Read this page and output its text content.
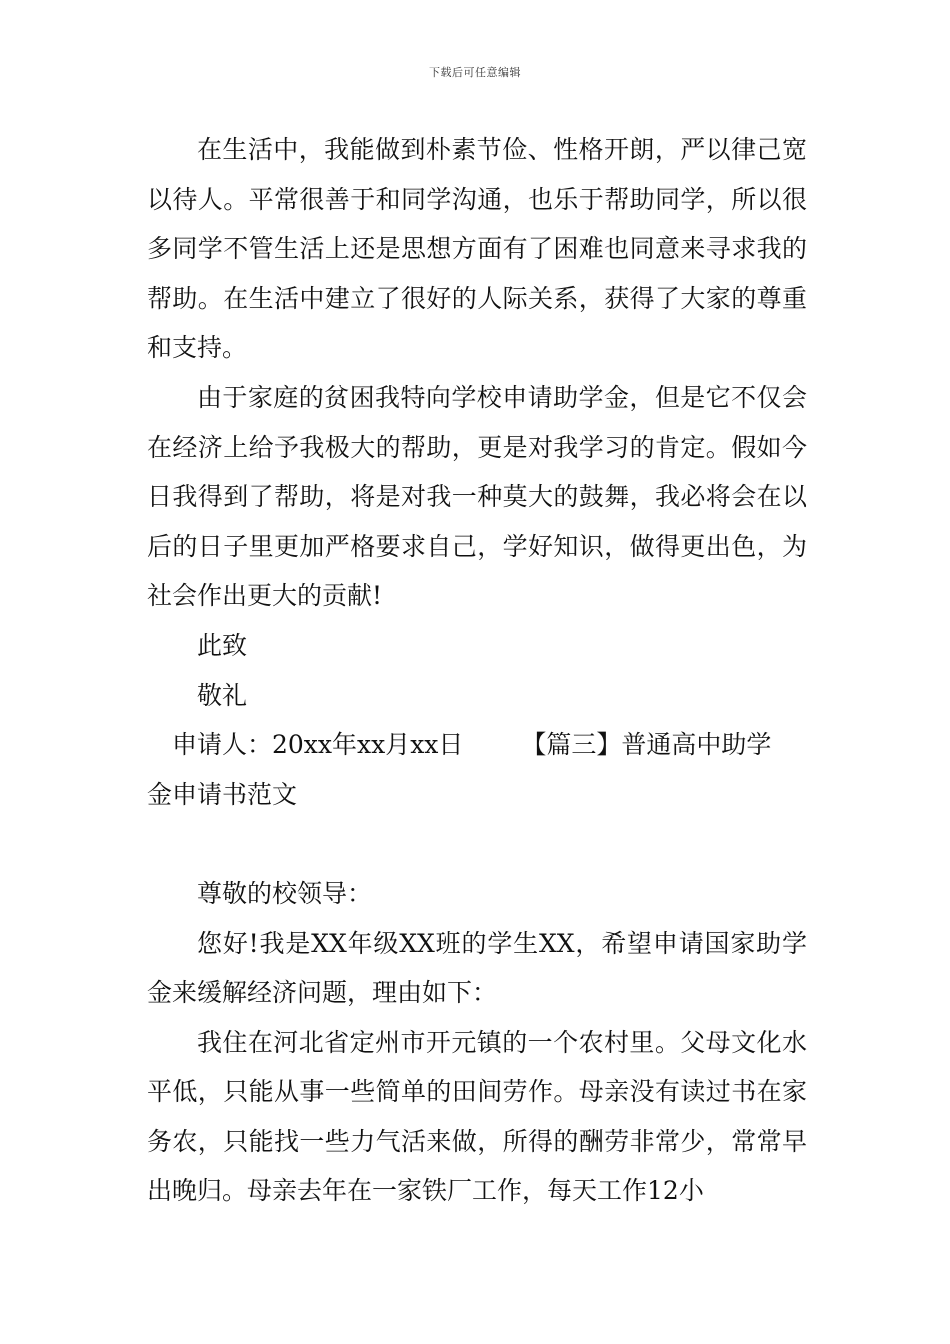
下载后可任意编辑

在生活中，我能做到朴素节俭、性格开朗，严以律己宽以待人。平常很善于和同学沟通，也乐于帮助同学，所以很多同学不管生活上还是思想方面有了困难也同意来寻求我的帮助。在生活中建立了很好的人际关系，获得了大家的尊重和支持。

由于家庭的贫困我特向学校申请助学金，但是它不仅会在经济上给予我极大的帮助，更是对我学习的肯定。假如今日我得到了帮助，将是对我一种莫大的鼓舞，我必将会在以后的日子里更加严格要求自己，学好知识，做得更出色，为社会作出更大的贡献!

此致

敬礼

申请人：20xx年xx月xx日 【篇三】普通高中助学

金申请书范文

尊敬的校领导：

您好!我是XX年级XX班的学生XX，希望申请国家助学金来缓解经济问题，理由如下：

我住在河北省定州市开元镇的一个农村里。父母文化水平低，只能从事一些简单的田间劳作。母亲没有读过书在家务农，只能找一些力气活来做，所得的酬劳非常少，常常早出晚归。母亲去年在一家铁厂工作，每天工作12小
